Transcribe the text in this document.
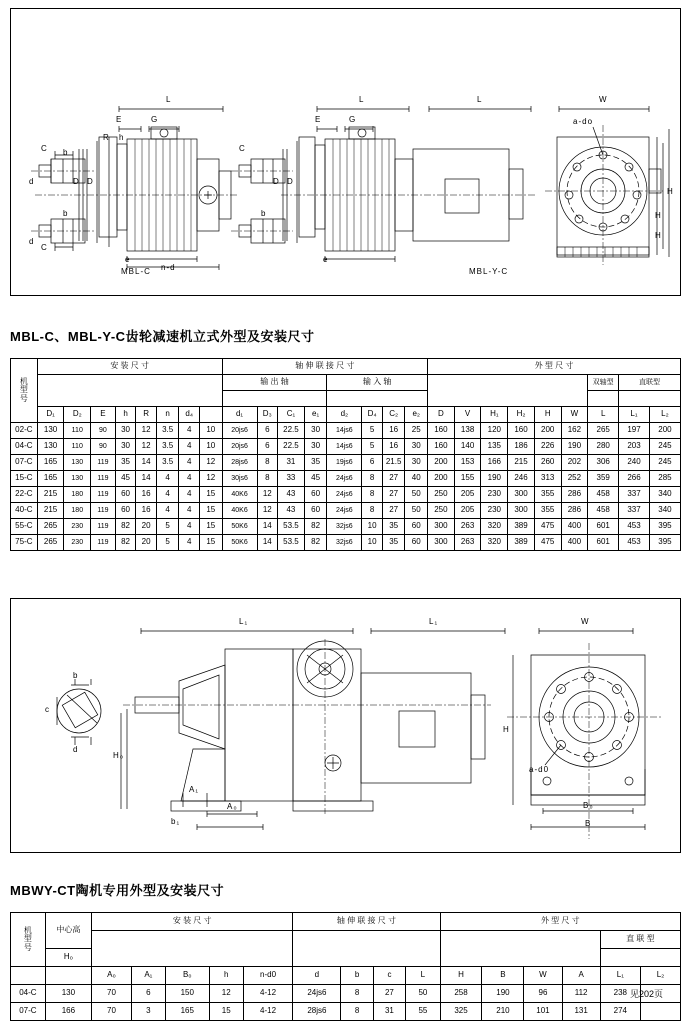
MBL-C	MBL-Y-C
L
E	G
C b
D D
d
R h
e
n-d
d
b
C
L	L
E	G
D D
e
b
C
W
a-do
H
H
H
MBL-C、MBL-Y-C齿轮减速机立式外型及安装尺寸
机
型
号	安 装 尺 寸								轴 伸 联 接 尺 寸								外 型 尺 寸								
									输 出 轴				输 入 轴										双轴型	直联型	

	D₁	D₂	E	h	R	n	d₄		d₁	D₃	C₁	e₁	d₂	D₄	C₂	e₂	D	V	H₁	H₂	H	W	L	L₁	L₂
02-C	130	110	90	30	12	3.5	4	10	20js6	6	22.5	30	14js6	5	16	25	160	138	120	160	200	162	265	197	200
04-C	130	110	90	30	12	3.5	4	10	20js6	6	22.5	30	14js6	5	16	30	160	140	135	186	226	190	280	203	245
07-C	165	130	119	35	14	3.5	4	12	28js6	8	31	35	19js6	6	21.5	30	200	153	166	215	260	202	306	240	245
15-C	165	130	119	45	14	4	4	12	30js6	8	33	45	24js6	8	27	40	200	155	190	246	313	252	359	266	285
22-C	215	180	119	60	16	4	4	15	40K6	12	43	60	24js6	8	27	50	250	205	230	300	355	286	458	337	340
40-C	215	180	119	60	16	4	4	15	40K6	12	43	60	24js6	8	27	50	250	205	230	300	355	286	458	337	340
55-C	265	230	119	82	20	5	4	15	50K6	14	53.5	82	32js6	10	35	60	300	263	320	389	475	400	601	453	395
75-C	265	230	119	82	20	5	4	15	50K6	14	53.5	82	32js6	10	35	60	300	263	320	389	475	400	601	453	395
L₁	L₁	W
H
H₀
A₁
A₀
b₁
B₀
B
a-d0
b
c
d
MBWY-CT陶机专用外型及安装尺寸
机
型
号	中心高	安 装 尺 寸					轴 伸 联 接 尺 寸				外 型 尺 寸					
															直 联 型	
	H₀															
		A₀	A₁	B₀	h	n-d0	d	b	c	L	H	B	W	A	L₁	L₂
04-C	130	70	6	150	12	4-12	24js6	8	27	50	258	190	96	112	238	
07-C	166	70	3	165	15	4-12	28js6	8	31	55	325	210	101	131	274	
见202页
